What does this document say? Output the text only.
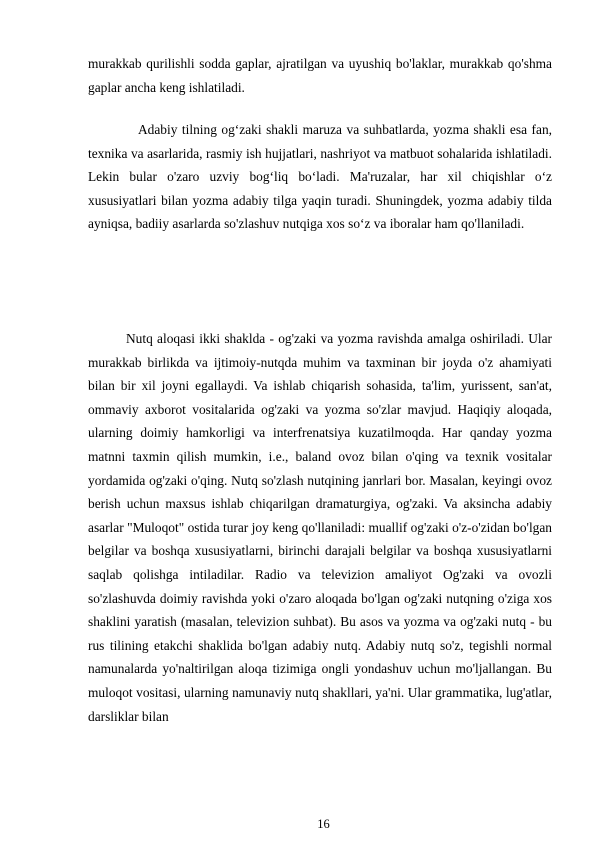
murakkab qurilishli sodda gaplar, ajratilgan va uyushiq bo'laklar, murakkab qo'shma gaplar ancha keng ishlatiladi.

Adabiy tilning og‘zaki shakli maruza va suhbatlarda, yozma shakli esa fan, texnika va asarlarida, rasmiy ish hujjatlari, nashriyot va matbuot sohalarida ishlatiladi. Lekin bular o'zaro uzviy bog‘liq bo‘ladi. Ma'ruzalar, har xil chiqishlar o‘z xususiyatlari bilan yozma adabiy tilga yaqin turadi. Shuningdek, yozma adabiy tilda ayniqsa, badiiy asarlarda so'zlashuv nutqiga xos so‘z va iboralar ham qo'llaniladi.

Nutq aloqasi ikki shaklda - og'zaki va yozma ravishda amalga oshiriladi. Ular murakkab birlikda va ijtimoiy-nutqda muhim va taxminan bir joyda o'z ahamiyati bilan bir xil joyni egallaydi. Va ishlab chiqarish sohasida, ta'lim, yurissent, san'at, ommaviy axborot vositalarida og'zaki va yozma so'zlar mavjud. Haqiqiy aloqada, ularning doimiy hamkorligi va interfrenatsiya kuzatilmoqda. Har qanday yozma matnni taxmin qilish mumkin, i.e., baland ovoz bilan o'qing va texnik vositalar yordamida og'zaki o'qing. Nutq so'zlash nutqining janrlari bor. Masalan, keyingi ovoz berish uchun maxsus ishlab chiqarilgan dramaturgiya, og'zaki. Va aksincha adabiy asarlar "Muloqot" ostida turar joy keng qo'llaniladi: muallif og'zaki o'z-o'zidan bo'lgan belgilar va boshqa xususiyatlarni, birinchi darajali belgilar va boshqa xususiyatlarni saqlab qolishga intiladilar. Radio va televizion amaliyot Og'zaki va ovozli so'zlashuvda doimiy ravishda yoki o'zaro aloqada bo'lgan og'zaki nutqning o'ziga xos shaklini yaratish (masalan, televizion suhbat). Bu asos va yozma va og'zaki nutq - bu rus tilining etakchi shaklida bo'lgan adabiy nutq. Adabiy nutq so'z, tegishli normal namunalarda yo'naltirilgan aloqa tizimiga ongli yondashuv uchun mo'ljallangan. Bu muloqot vositasi, ularning namunaviy nutq shakllari, ya'ni. Ular grammatika, lug'atlar, darsliklar bilan

16
